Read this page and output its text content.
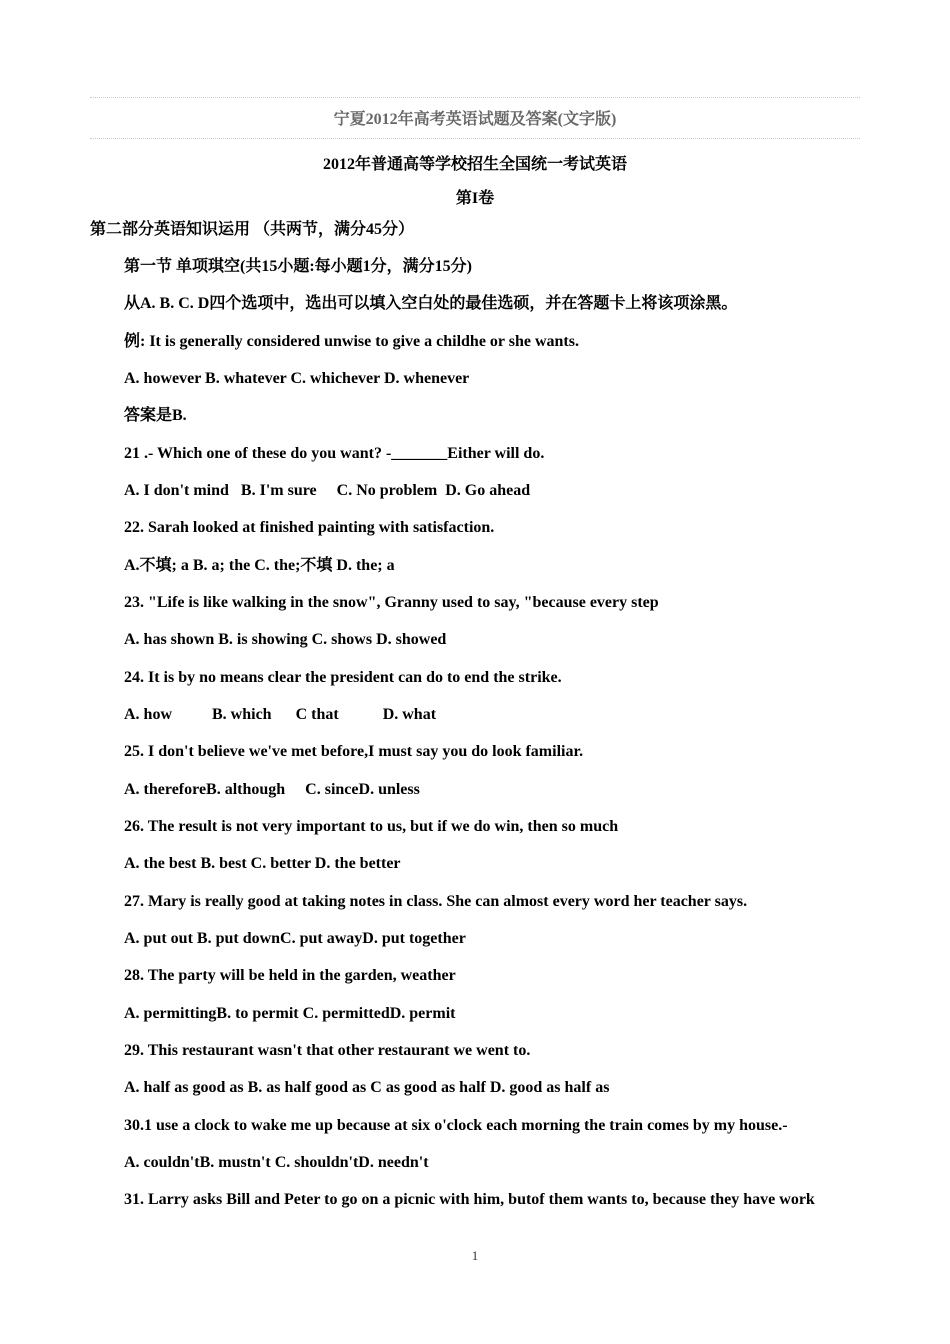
宁夏2012年高考英语试题及答案(文字版)
2012年普通高等学校招生全国统一考试英语
第I卷
第二部分英语知识运用 （共两节，满分45分）
第一节 单项琪空(共15小题:每小题1分，满分15分)
从A. B. C. D四个选项中，选出可以填入空白处的最佳选硕，并在答题卡上将该项涂黑。
例: It is generally considered unwise to give a childhe or she wants.
A. however B. whatever C. whichever D. whenever
答案是B.
21 .- Which one of these do you want? -_______Either will do.
A. I don't mind   B. I'm sure     C. No problem  D. Go ahead
22. Sarah looked at finished painting with satisfaction.
A.不填; a B. a; the C. the;不填 D. the; a
23. "Life is like walking in the snow", Granny used to say, "because every step
A. has shown B. is showing C. shows D. showed
24. It is by no means clear the president can do to end the strike.
A. how          B. which      C that           D. what
25. I don't believe we've met before,I must say you do look familiar.
A. thereforeB. although     C. sinceD. unless
26. The result is not very important to us, but if we do win, then so much
A. the best B. best C. better D. the better
27. Mary is really good at taking notes in class. She can almost every word her teacher says.
A. put out B. put downC. put awayD. put together
28. The party will be held in the garden, weather
A. permittingB. to permit C. permittedD. permit
29. This restaurant wasn't that other restaurant we went to.
A. half as good as B. as half good as C as good as half D. good as half as
30.1 use a clock to wake me up because at six o'clock each morning the train comes by my house.-
A. couldn'tB. mustn't C. shouldn'tD. needn't
31. Larry asks Bill and Peter to go on a picnic with him, butof them wants to, because they have work
1
